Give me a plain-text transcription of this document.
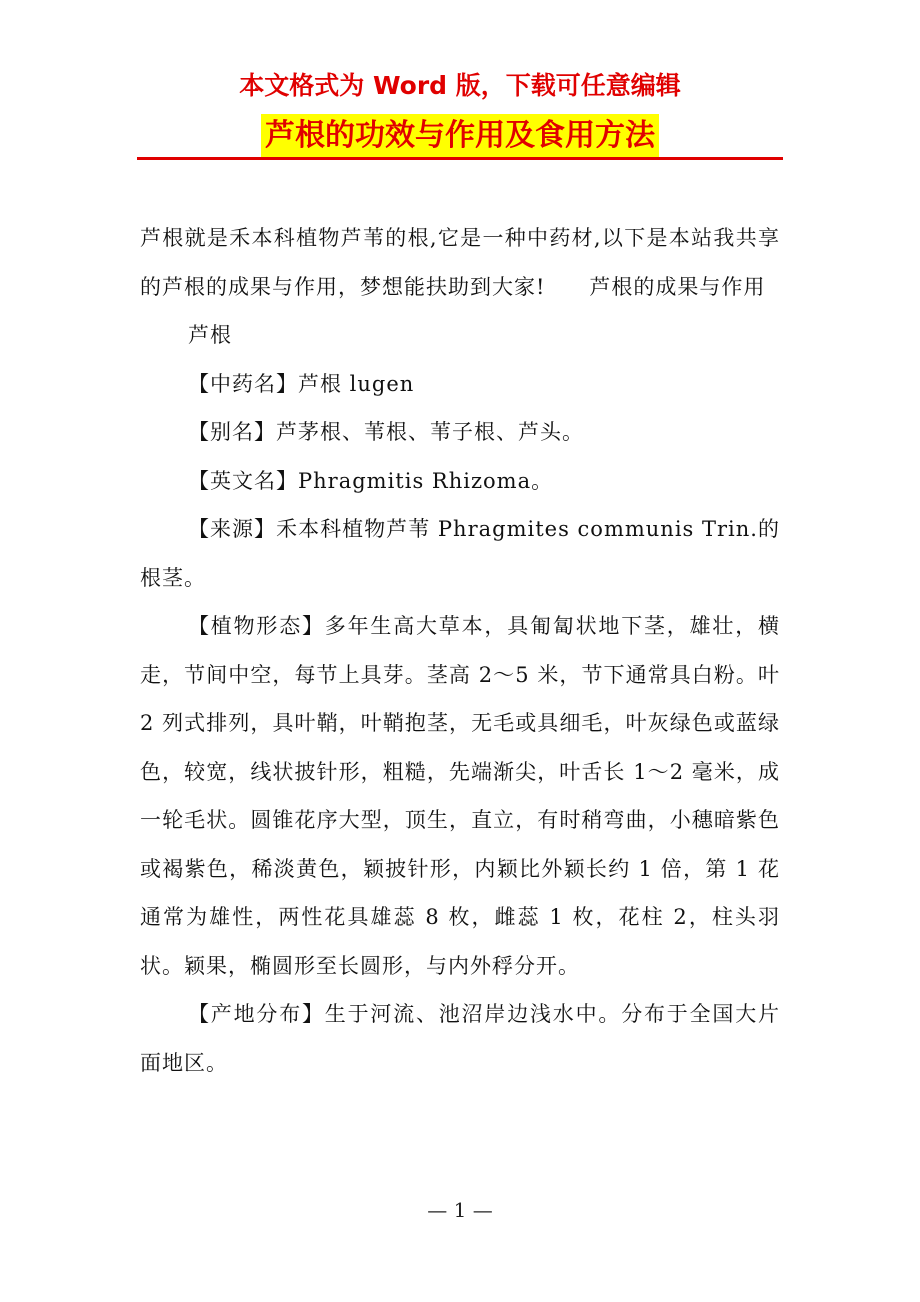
本文格式为 Word 版，下载可任意编辑
芦根的功效与作用及食用方法

芦根就是禾本科植物芦苇的根,它是一种中药材,以下是本站我共享的芦根的成果与作用，梦想能扶助到大家!　　芦根的成果与作用

芦根

【中药名】芦根 lugen

【别名】芦茅根、苇根、苇子根、芦头。

【英文名】Phragmitis Rhizoma。

【来源】禾本科植物芦苇 Phragmites communis Trin.的根茎。

【植物形态】多年生高大草本，具匍匐状地下茎，雄壮，横走，节间中空，每节上具芽。茎高 2～5 米，节下通常具白粉。叶 2 列式排列，具叶鞘，叶鞘抱茎，无毛或具细毛，叶灰绿色或蓝绿色，较宽，线状披针形，粗糙，先端渐尖，叶舌长 1～2 毫米，成一轮毛状。圆锥花序大型，顶生，直立，有时稍弯曲，小穗暗紫色或褐紫色，稀淡黄色，颖披针形，内颖比外颖长约 1 倍，第 1 花通常为雄性，两性花具雄蕊 8 枚，雌蕊 1 枚，花柱 2，柱头羽状。颖果，椭圆形至长圆形，与内外稃分开。

【产地分布】生于河流、池沼岸边浅水中。分布于全国大片面地区。

— 1 —
